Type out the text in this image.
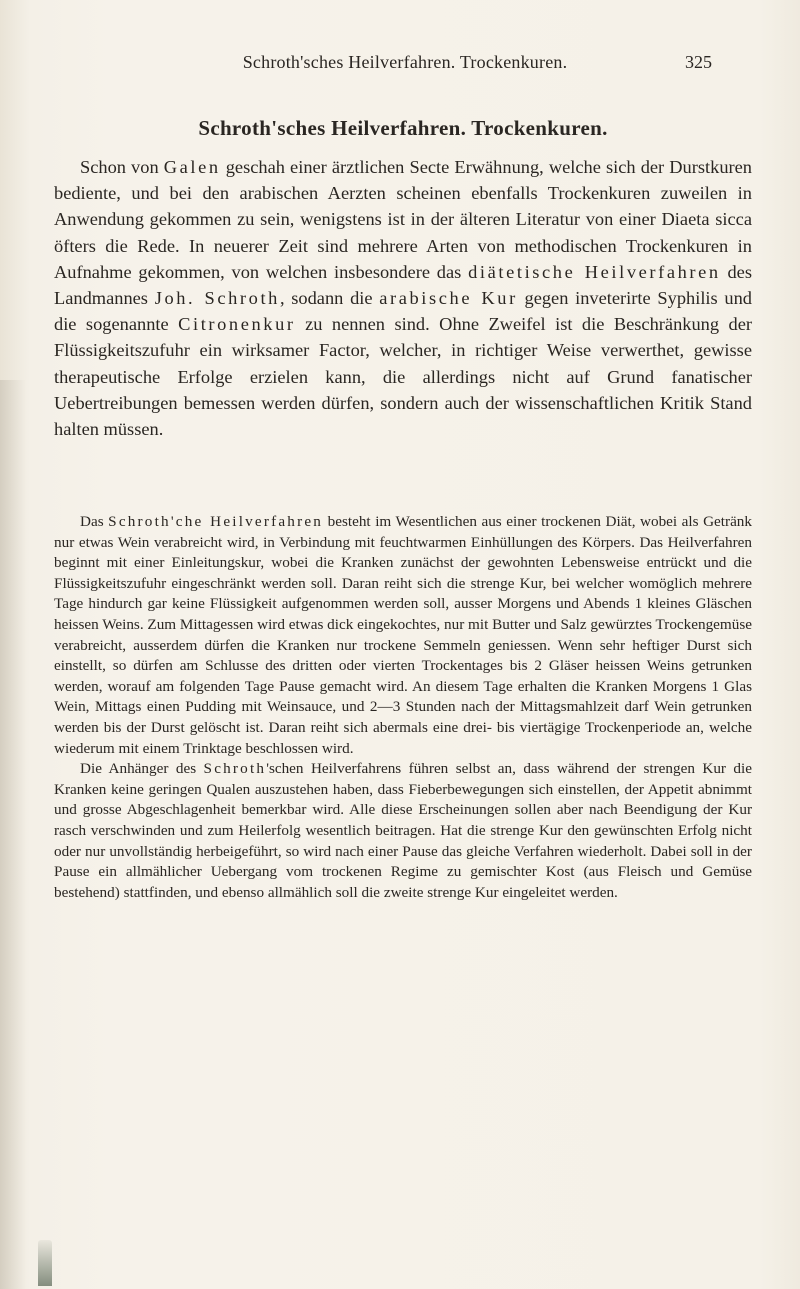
Schroth'sches Heilverfahren. Trockenkuren.	325
Schroth'sches Heilverfahren. Trockenkuren.

Schon von Galen geschah einer ärztlichen Secte Erwähnung, welche sich der Durstkuren bediente, und bei den arabischen Aerzten scheinen ebenfalls Trockenkuren zuweilen in Anwendung gekommen zu sein, wenigstens ist in der älteren Literatur von einer Diaeta sicca öfters die Rede. In neuerer Zeit sind mehrere Arten von methodischen Trockenkuren in Aufnahme gekommen, von welchen insbesondere das diätetische Heilverfahren des Landmannes Joh. Schroth, sodann die arabische Kur gegen inveterirte Syphilis und die sogenannte Citronenkur zu nennen sind. Ohne Zweifel ist die Beschränkung der Flüssigkeitszufuhr ein wirksamer Factor, welcher, in richtiger Weise verwerthet, gewisse therapeutische Erfolge erzielen kann, die allerdings nicht auf Grund fanatischer Uebertreibungen bemessen werden dürfen, sondern auch der wissenschaftlichen Kritik Stand halten müssen.

Das Schroth'che Heilverfahren besteht im Wesentlichen aus einer trockenen Diät, wobei als Getränk nur etwas Wein verabreicht wird, in Verbindung mit feuchtwarmen Einhüllungen des Körpers. Das Heilverfahren beginnt mit einer Einleitungskur, wobei die Kranken zunächst der gewohnten Lebensweise entrückt und die Flüssigkeitszufuhr eingeschränkt werden soll. Daran reiht sich die strenge Kur, bei welcher womöglich mehrere Tage hindurch gar keine Flüssigkeit aufgenommen werden soll, ausser Morgens und Abends 1 kleines Gläschen heissen Weins. Zum Mittagessen wird etwas dick eingekochtes, nur mit Butter und Salz gewürztes Trockengemüse verabreicht, ausserdem dürfen die Kranken nur trockene Semmeln geniessen. Wenn sehr heftiger Durst sich einstellt, so dürfen am Schlusse des dritten oder vierten Trockentages bis 2 Gläser heissen Weins getrunken werden, worauf am folgenden Tage Pause gemacht wird. An diesem Tage erhalten die Kranken Morgens 1 Glas Wein, Mittags einen Pudding mit Weinsauce, und 2—3 Stunden nach der Mittagsmahlzeit darf Wein getrunken werden bis der Durst gelöscht ist. Daran reiht sich abermals eine drei- bis viertägige Trockenperiode an, welche wiederum mit einem Trinktage beschlossen wird.

Die Anhänger des Schroth'schen Heilverfahrens führen selbst an, dass während der strengen Kur die Kranken keine geringen Qualen auszustehen haben, dass Fieberbewegungen sich einstellen, der Appetit abnimmt und grosse Abgeschlagenheit bemerkbar wird. Alle diese Erscheinungen sollen aber nach Beendigung der Kur rasch verschwinden und zum Heilerfolg wesentlich beitragen. Hat die strenge Kur den gewünschten Erfolg nicht oder nur unvollständig herbeigeführt, so wird nach einer Pause das gleiche Verfahren wiederholt. Dabei soll in der Pause ein allmählicher Uebergang vom trockenen Regime zu gemischter Kost (aus Fleisch und Gemüse bestehend) stattfinden, und ebenso allmählich soll die zweite strenge Kur eingeleitet werden.
